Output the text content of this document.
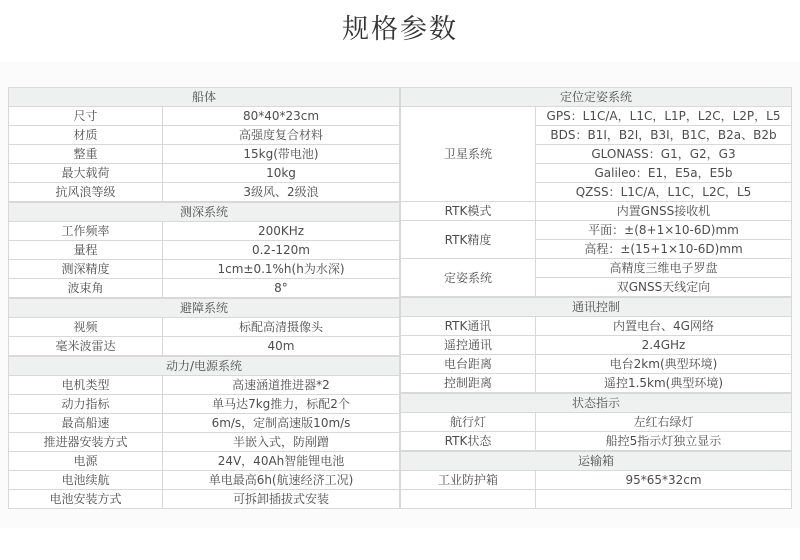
规格参数
船体	
尺寸	80*40*23cm
材质	高强度复合材料
整重	15kg(带电池)
最大载荷	10kg
抗风浪等级	3级风、2级浪
测深系统	
工作频率	200KHz
量程	0.2-120m
测深精度	1cm±0.1%h(h为水深)
波束角	8°
避障系统	
视频	标配高清摄像头
毫米波雷达	40m
动力/电源系统	
电机类型	高速涵道推进器*2
动力指标	单马达7kg推力，标配2个
最高船速	6m/s，定制高速版10m/s
推进器安装方式	半嵌入式，防剐蹭
电源	24V，40Ah智能锂电池
电池续航	单电最高6h(航速经济工况)
电池安装方式	可拆卸插拔式安装
定位定姿系统	
卫星系统	GPS：L1C/A，L1C，L1P，L2C，L2P，L5
	BDS：B1I，B2I，B3I，B1C，B2a、B2b
	GLONASS：G1，G2，G3
	Galileo：E1，E5a，E5b
	QZSS：L1C/A，L1C，L2C，L5
RTK模式	内置GNSS接收机
RTK精度	平面：±(8+1×10-6D)mm
	高程：±(15+1×10-6D)mm
定姿系统	高精度三维电子罗盘
	双GNSS天线定向
通讯控制	
RTK通讯	内置电台、4G网络
遥控通讯	2.4GHz
电台距离	电台2km(典型环境)
控制距离	遥控1.5km(典型环境)
状态指示	
航行灯	左红右绿灯
RTK状态	船控5指示灯独立显示
运输箱	
工业防护箱	95*65*32cm
